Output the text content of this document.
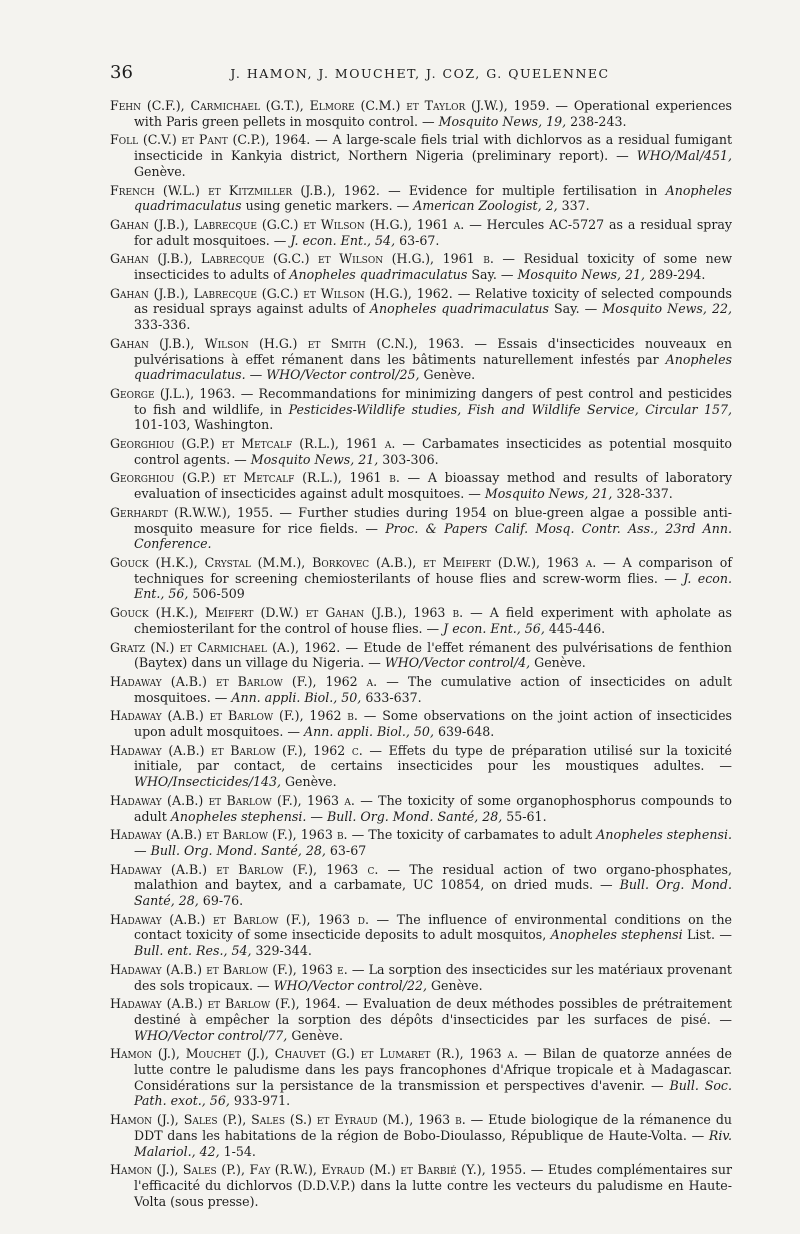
36	J. HAMON, J. MOUCHET, J. COZ, G. QUELENNEC

Fehn (C.F.), Carmichael (G.T.), Elmore (C.M.) et Taylor (J.W.), 1959. — Operational experiences with Paris green pellets in mosquito control. — Mosquito News, 19, 238-243.

Foll (C.V.) et Pant (C.P.), 1964. — A large-scale fiels trial with dichlorvos as a residual fumigant insecticide in Kankyia district, Northern Nigeria (preliminary report). — WHO/Mal/451, Genève.

French (W.L.) et Kitzmiller (J.B.), 1962. — Evidence for multiple fertilisation in Anopheles quadrimaculatus using genetic markers. — American Zoologist, 2, 337.

Gahan (J.B.), Labrecque (G.C.) et Wilson (H.G.), 1961 a. — Hercules AC-5727 as a residual spray for adult mosquitoes. — J. econ. Ent., 54, 63-67.

Gahan (J.B.), Labrecque (G.C.) et Wilson (H.G.), 1961 b. — Residual toxicity of some new insecticides to adults of Anopheles quadrimaculatus Say. — Mosquito News, 21, 289-294.

Gahan (J.B.), Labrecque (G.C.) et Wilson (H.G.), 1962. — Relative toxicity of selected compounds as residual sprays against adults of Anopheles quadrimaculatus Say. — Mosquito News, 22, 333-336.

Gahan (J.B.), Wilson (H.G.) et Smith (C.N.), 1963. — Essais d'insecticides nouveaux en pulvérisations à effet rémanent dans les bâtiments naturellement infestés par Anopheles quadrimaculatus. — WHO/Vector control/25, Genève.

George (J.L.), 1963. — Recommandations for minimizing dangers of pest control and pesticides to fish and wildlife, in Pesticides-Wildlife studies, Fish and Wildlife Service, Circular 157, 101-103, Washington.

Georghiou (G.P.) et Metcalf (R.L.), 1961 a. — Carbamates insecticides as potential mosquito control agents. — Mosquito News, 21, 303-306.

Georghiou (G.P.) et Metcalf (R.L.), 1961 b. — A bioassay method and results of laboratory evaluation of insecticides against adult mosquitoes. — Mosquito News, 21, 328-337.

Gerhardt (R.W.W.), 1955. — Further studies during 1954 on blue-green algae a possible anti-mosquito measure for rice fields. — Proc. & Papers Calif. Mosq. Contr. Ass., 23rd Ann. Conference.

Gouck (H.K.), Crystal (M.M.), Borkovec (A.B.), et Meifert (D.W.), 1963 a. — A comparison of techniques for screening chemiosterilants of house flies and screw-worm flies. — J. econ. Ent., 56, 506-509

Gouck (H.K.), Meifert (D.W.) et Gahan (J.B.), 1963 b. — A field experiment with apholate as chemiosterilant for the control of house flies. — J econ. Ent., 56, 445-446.

Gratz (N.) et Carmichael (A.), 1962. — Etude de l'effet rémanent des pulvérisations de fenthion (Baytex) dans un village du Nigeria. — WHO/Vector control/4, Genève.

Hadaway (A.B.) et Barlow (F.), 1962 a. — The cumulative action of insecticides on adult mosquitoes. — Ann. appli. Biol., 50, 633-637.

Hadaway (A.B.) et Barlow (F.), 1962 b. — Some observations on the joint action of insecticides upon adult mosquitoes. — Ann. appli. Biol., 50, 639-648.

Hadaway (A.B.) et Barlow (F.), 1962 c. — Effets du type de préparation utilisé sur la toxicité initiale, par contact, de certains insecticides pour les moustiques adultes. — WHO/Insecticides/143, Genève.

Hadaway (A.B.) et Barlow (F.), 1963 a. — The toxicity of some organophosphorus compounds to adult Anopheles stephensi. — Bull. Org. Mond. Santé, 28, 55-61.

Hadaway (A.B.) et Barlow (F.), 1963 b. — The toxicity of carbamates to adult Anopheles stephensi. — Bull. Org. Mond. Santé, 28, 63-67

Hadaway (A.B.) et Barlow (F.), 1963 c. — The residual action of two organo-phosphates, malathion and baytex, and a carbamate, UC 10854, on dried muds. — Bull. Org. Mond. Santé, 28, 69-76.

Hadaway (A.B.) et Barlow (F.), 1963 d. — The influence of environmental conditions on the contact toxicity of some insecticide deposits to adult mosquitos, Anopheles stephensi List. — Bull. ent. Res., 54, 329-344.

Hadaway (A.B.) et Barlow (F.), 1963 e. — La sorption des insecticides sur les matériaux provenant des sols tropicaux. — WHO/Vector control/22, Genève.

Hadaway (A.B.) et Barlow (F.), 1964. — Evaluation de deux méthodes possibles de prétraitement destiné à empêcher la sorption des dépôts d'insecticides par les surfaces de pisé. — WHO/Vector control/77, Genève.

Hamon (J.), Mouchet (J.), Chauvet (G.) et Lumaret (R.), 1963 a. — Bilan de quatorze années de lutte contre le paludisme dans les pays francophones d'Afrique tropicale et à Madagascar. Considérations sur la persistance de la transmission et perspectives d'avenir. — Bull. Soc. Path. exot., 56, 933-971.

Hamon (J.), Sales (P.), Sales (S.) et Eyraud (M.), 1963 b. — Etude biologique de la rémanence du DDT dans les habitations de la région de Bobo-Dioulasso, République de Haute-Volta. — Riv. Malariol., 42, 1-54.

Hamon (J.), Sales (P.), Fay (R.W.), Eyraud (M.) et Barbié (Y.), 1955. — Etudes complémentaires sur l'efficacité du dichlorvos (D.D.V.P.) dans la lutte contre les vecteurs du paludisme en Haute-Volta (sous presse).
